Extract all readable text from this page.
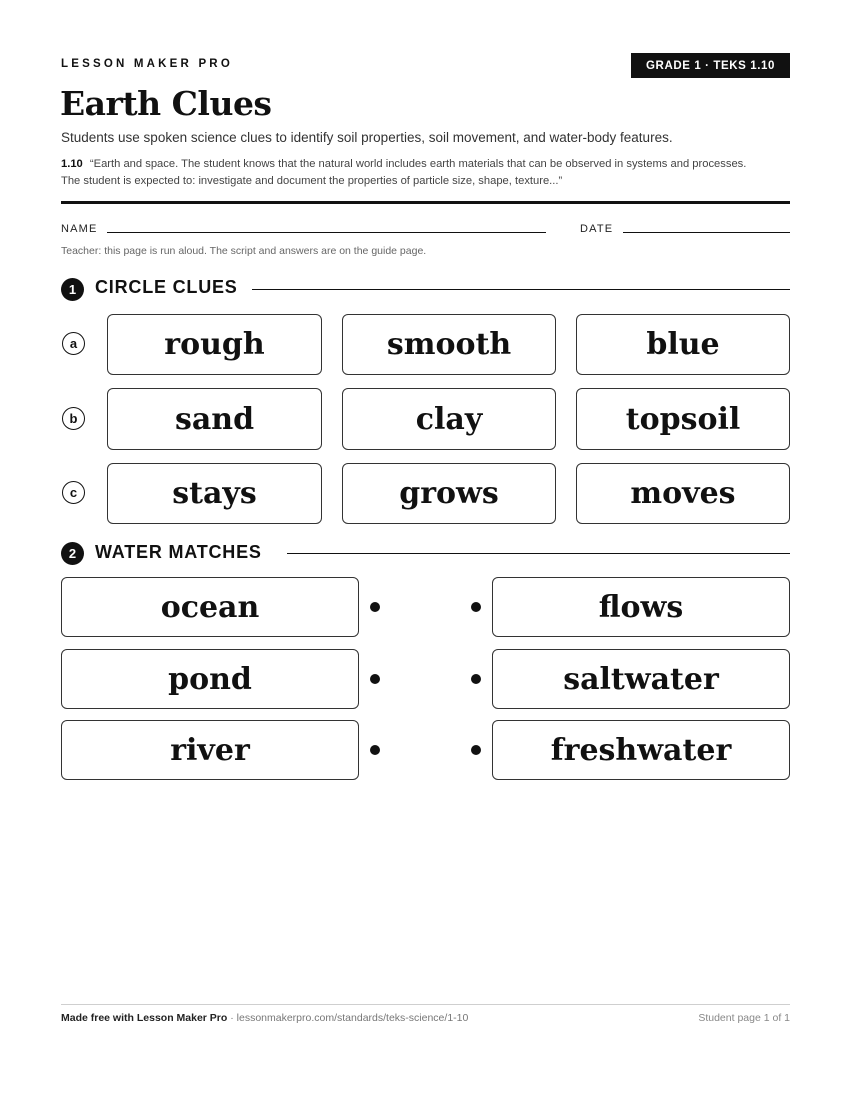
LESSON MAKER PRO	GRADE 1 · TEKS 1.10
Earth Clues
Students use spoken science clues to identify soil properties, soil movement, and water-body features.
1.10 “Earth and space. The student knows that the natural world includes earth materials that can be observed in systems and processes. The student is expected to: investigate and document the properties of particle size, shape, texture...”
NAME	DATE
Teacher: this page is run aloud. The script and answers are on the guide page.
1	CIRCLE CLUES
a	rough	smooth	blue
b	sand	clay	topsoil
c	stays	grows	moves
2	WATER MATCHES
ocean	flows
pond	saltwater
river	freshwater
Made free with Lesson Maker Pro · lessonmakerpro.com/standards/teks-science/1-10	Student page 1 of 1
